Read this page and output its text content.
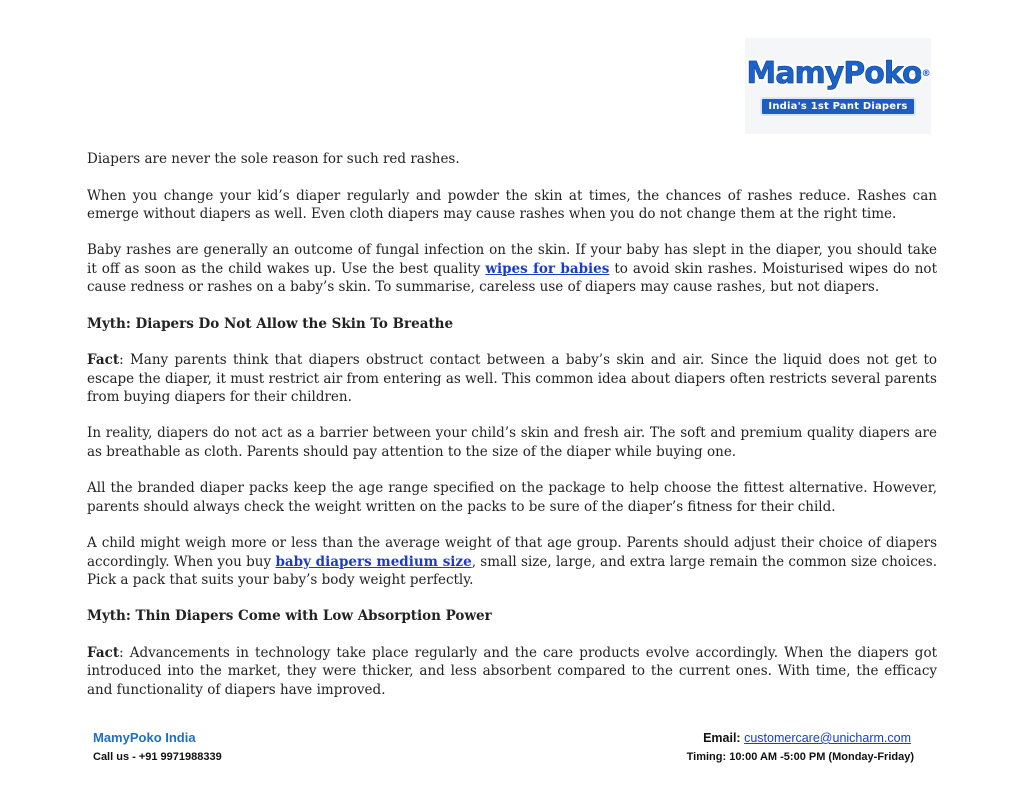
MamyPoko®
India's 1st Pant Diapers

Diapers are never the sole reason for such red rashes.

When you change your kid’s diaper regularly and powder the skin at times, the chances of rashes reduce. Rashes can emerge without diapers as well. Even cloth diapers may cause rashes when you do not change them at the right time.

Baby rashes are generally an outcome of fungal infection on the skin. If your baby has slept in the diaper, you should take it off as soon as the child wakes up. Use the best quality wipes for babies to avoid skin rashes. Moisturised wipes do not cause redness or rashes on a baby’s skin. To summarise, careless use of diapers may cause rashes, but not diapers.

Myth: Diapers Do Not Allow the Skin To Breathe

Fact: Many parents think that diapers obstruct contact between a baby’s skin and air. Since the liquid does not get to escape the diaper, it must restrict air from entering as well. This common idea about diapers often restricts several parents from buying diapers for their children.

In reality, diapers do not act as a barrier between your child’s skin and fresh air. The soft and premium quality diapers are as breathable as cloth. Parents should pay attention to the size of the diaper while buying one.

All the branded diaper packs keep the age range specified on the package to help choose the fittest alternative. However, parents should always check the weight written on the packs to be sure of the diaper’s fitness for their child.

A child might weigh more or less than the average weight of that age group. Parents should adjust their choice of diapers accordingly. When you buy baby diapers medium size, small size, large, and extra large remain the common size choices. Pick a pack that suits your baby’s body weight perfectly.

Myth: Thin Diapers Come with Low Absorption Power

Fact: Advancements in technology take place regularly and the care products evolve accordingly. When the diapers got introduced into the market, they were thicker, and less absorbent compared to the current ones. With time, the efficacy and functionality of diapers have improved.

MamyPoko India
Call us - +91 9971988339
Email: customercare@unicharm.com
Timing: 10:00 AM -5:00 PM (Monday-Friday)
